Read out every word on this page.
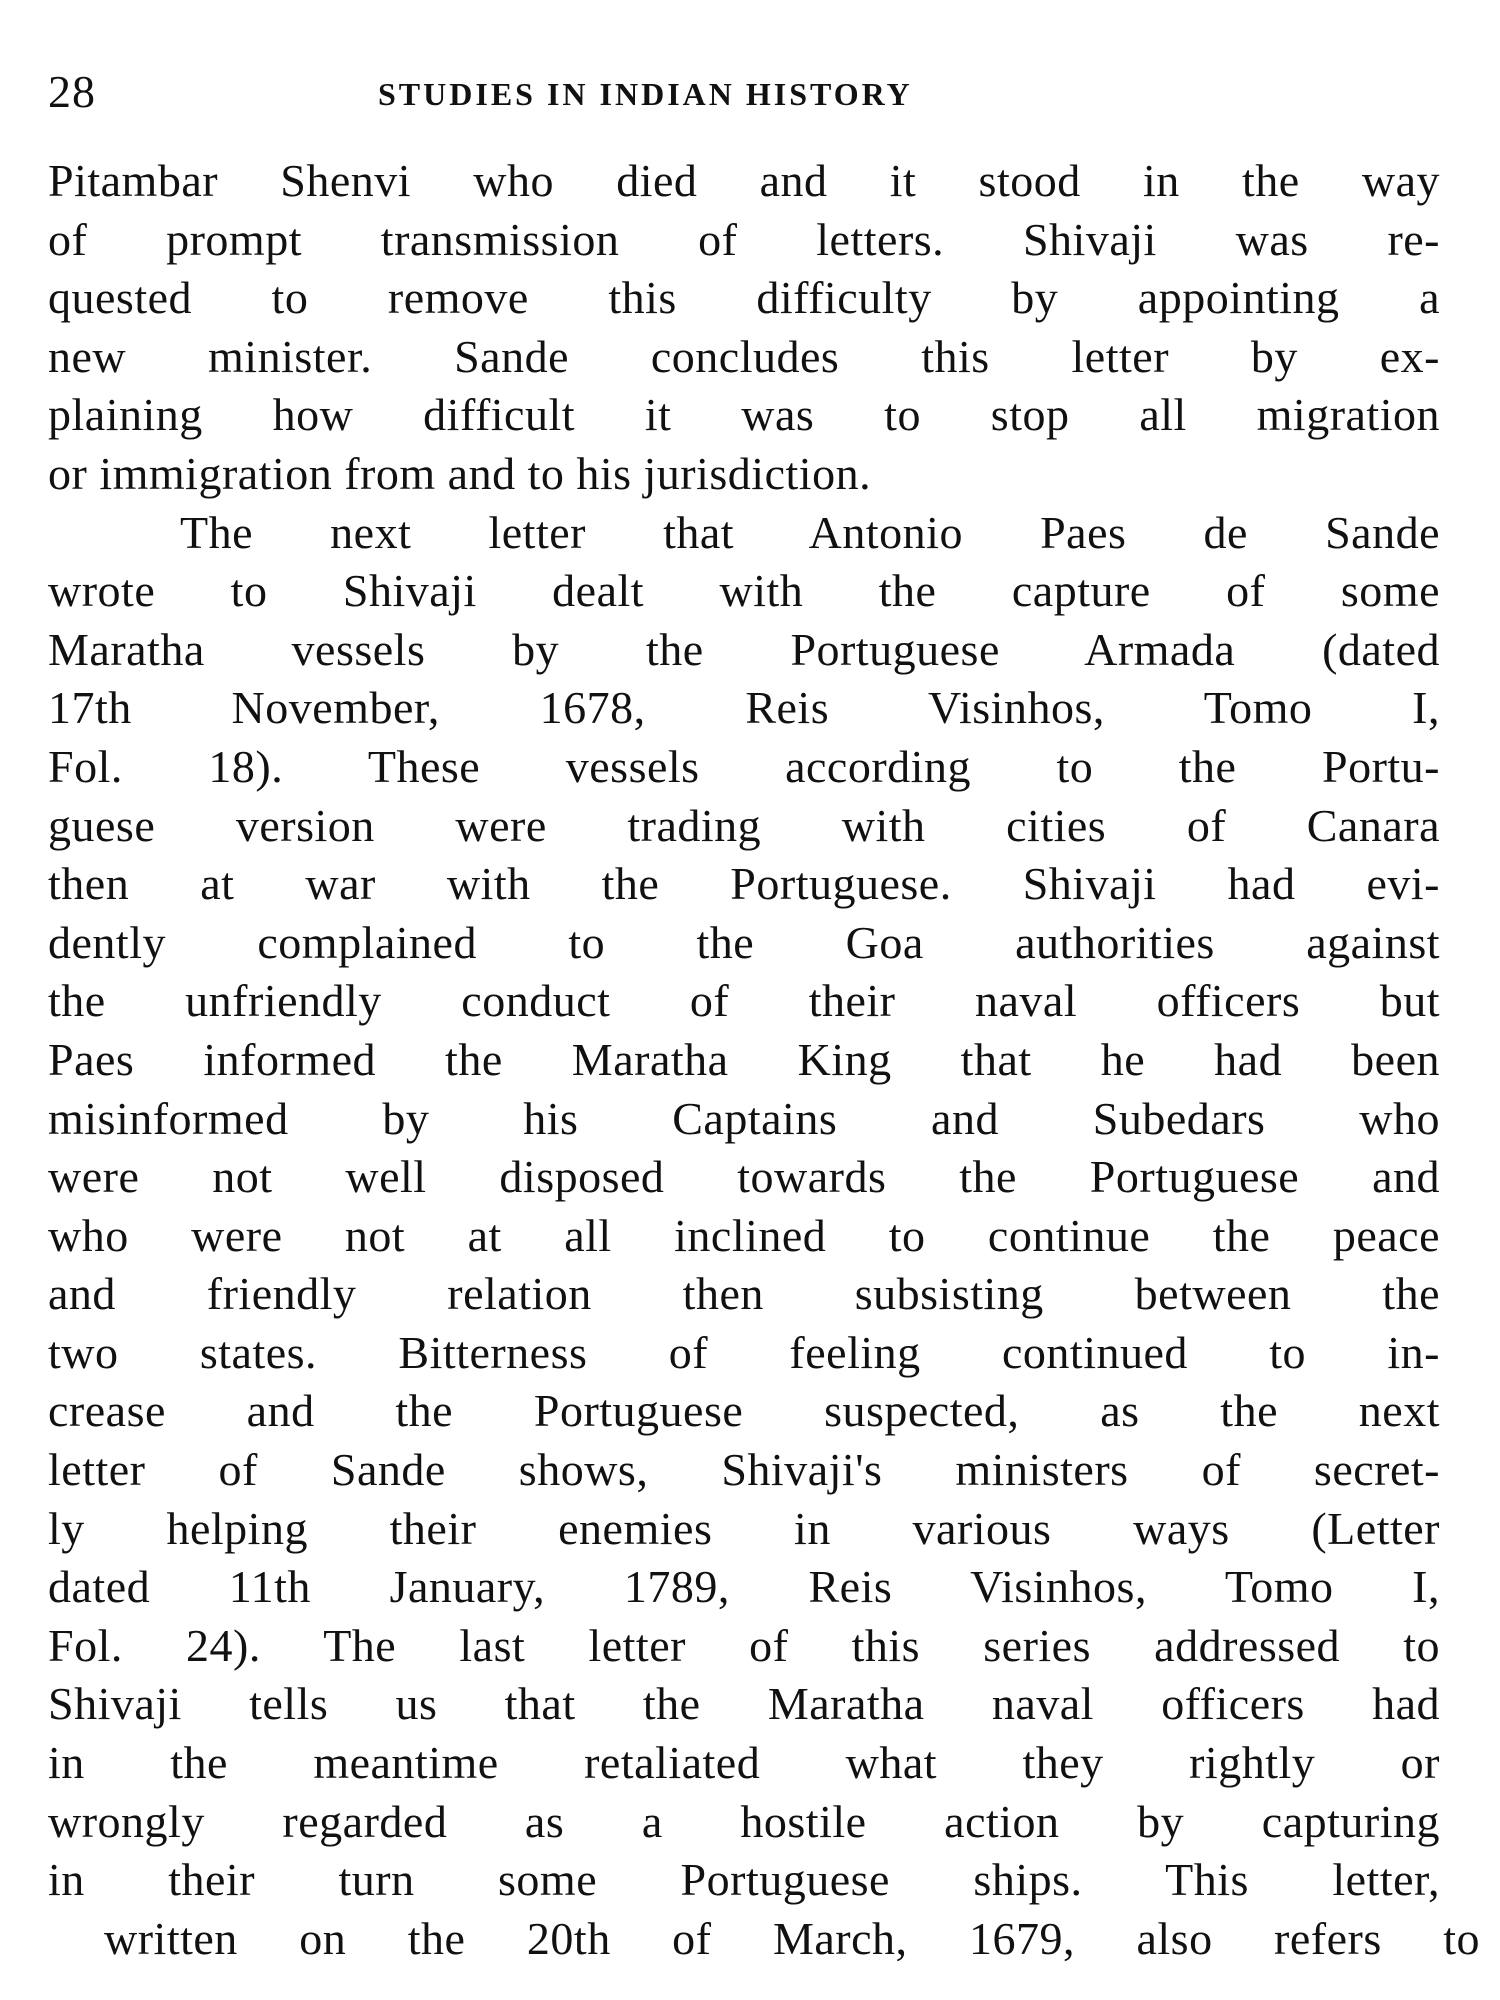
28	STUDIES IN INDIAN HISTORY
Pitambar Shenvi who died and it stood in the way
of prompt transmission of letters. Shivaji was re-
quested to remove this difficulty by appointing a
new minister. Sande concludes this letter by ex-
plaining how difficult it was to stop all migration
or immigration from and to his jurisdiction.
The next letter that Antonio Paes de Sande
wrote to Shivaji dealt with the capture of some
Maratha vessels by the Portuguese Armada (dated
17th November, 1678, Reis Visinhos, Tomo I,
Fol. 18). These vessels according to the Portu-
guese version were trading with cities of Canara
then at war with the Portuguese. Shivaji had evi-
dently complained to the Goa authorities against
the unfriendly conduct of their naval officers but
Paes informed the Maratha King that he had been
misinformed by his Captains and Subedars who
were not well disposed towards the Portuguese and
who were not at all inclined to continue the peace
and friendly relation then subsisting between the
two states. Bitterness of feeling continued to in-
crease and the Portuguese suspected, as the next
letter of Sande shows, Shivaji's ministers of secret-
ly helping their enemies in various ways (Letter
dated 11th January, 1789, Reis Visinhos, Tomo I,
Fol. 24). The last letter of this series addressed to
Shivaji tells us that the Maratha naval officers had
in the meantime retaliated what they rightly or
wrongly regarded as a hostile action by capturing
in their turn some Portuguese ships. This letter,
written on the 20th of March, 1679, also refers to
